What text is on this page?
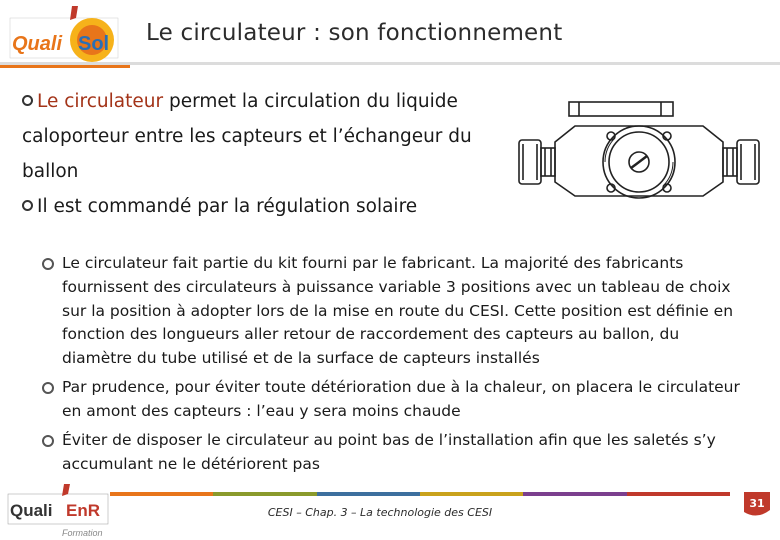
Quali Sol Le circulateur : son fonctionnement
Le circulateur permet la circulation du liquide caloporteur entre les capteurs et l’échangeur du ballon
Il est commandé par la régulation solaire
Le circulateur fait partie du kit fourni par le fabricant. La majorité des fabricants fournissent des circulateurs à puissance variable 3 positions avec un tableau de choix sur la position à adopter lors de la mise en route du CESI. Cette position est définie en fonction des longueurs aller retour de raccordement des capteurs au ballon, du diamètre du tube utilisé et de la surface de capteurs installés
Par prudence, pour éviter toute détérioration due à la chaleur, on placera le circulateur en amont des capteurs : l’eau y sera moins chaude
Éviter de disposer le circulateur au point bas de l’installation afin que les saletés s’y accumulant ne le détériorent pas
Quali EnR
Formation
CESI – Chap. 3 – La technologie des CESI
31
